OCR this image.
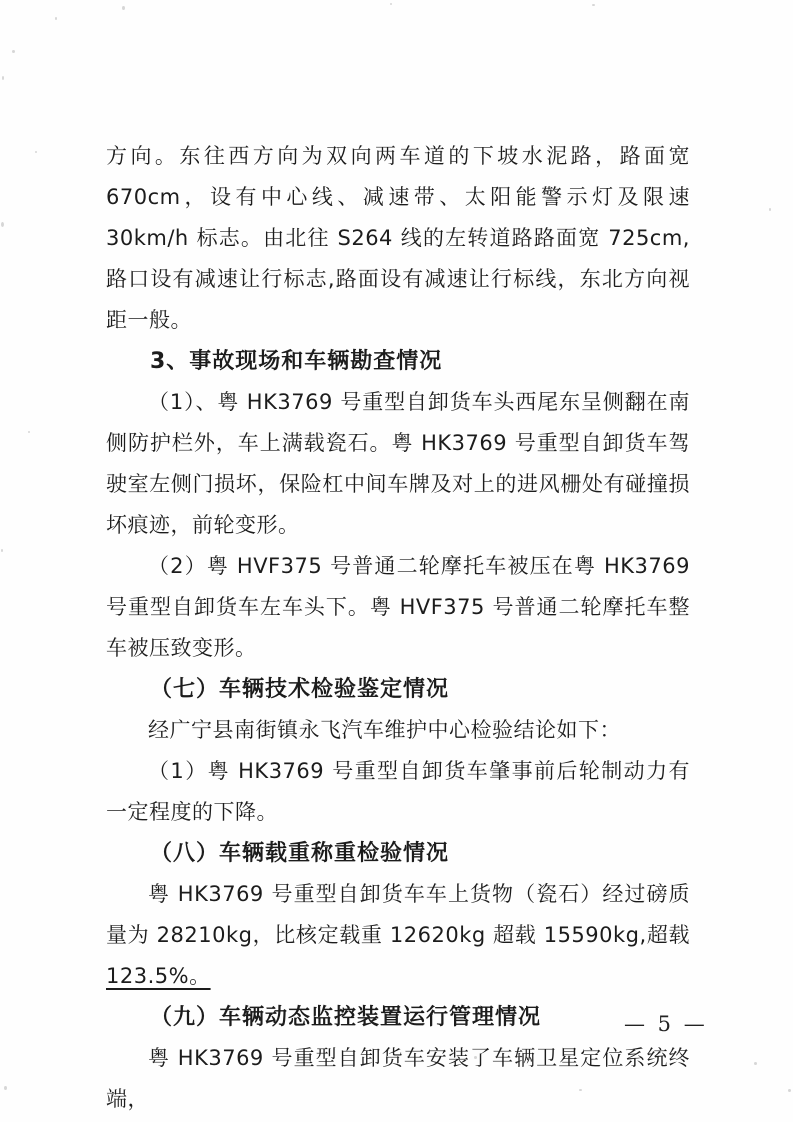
方向。东往西方向为双向两车道的下坡水泥路，路面宽 670cm，设有中心线、减速带、太阳能警示灯及限速 30km/h 标志。由北往 S264 线的左转道路路面宽 725cm,路口设有减速让行标志,路面设有减速让行标线，东北方向视距一般。

3、事故现场和车辆勘查情况

（1）、粤 HK3769 号重型自卸货车头西尾东呈侧翻在南侧防护栏外，车上满载瓷石。粤 HK3769 号重型自卸货车驾驶室左侧门损坏，保险杠中间车牌及对上的进风栅处有碰撞损坏痕迹，前轮变形。

（2）粤 HVF375 号普通二轮摩托车被压在粤 HK3769 号重型自卸货车左车头下。粤 HVF375 号普通二轮摩托车整车被压致变形。

（七）车辆技术检验鉴定情况

经广宁县南街镇永飞汽车维护中心检验结论如下：

（1）粤 HK3769 号重型自卸货车肇事前后轮制动力有一定程度的下降。

（八）车辆载重称重检验情况

粤 HK3769 号重型自卸货车车上货物（瓷石）经过磅质量为 28210kg，比核定载重 12620kg 超载 15590kg,超载 123.5%。

（九）车辆动态监控装置运行管理情况

粤 HK3769 号重型自卸货车安装了车辆卫星定位系统终端，

— 5 —
